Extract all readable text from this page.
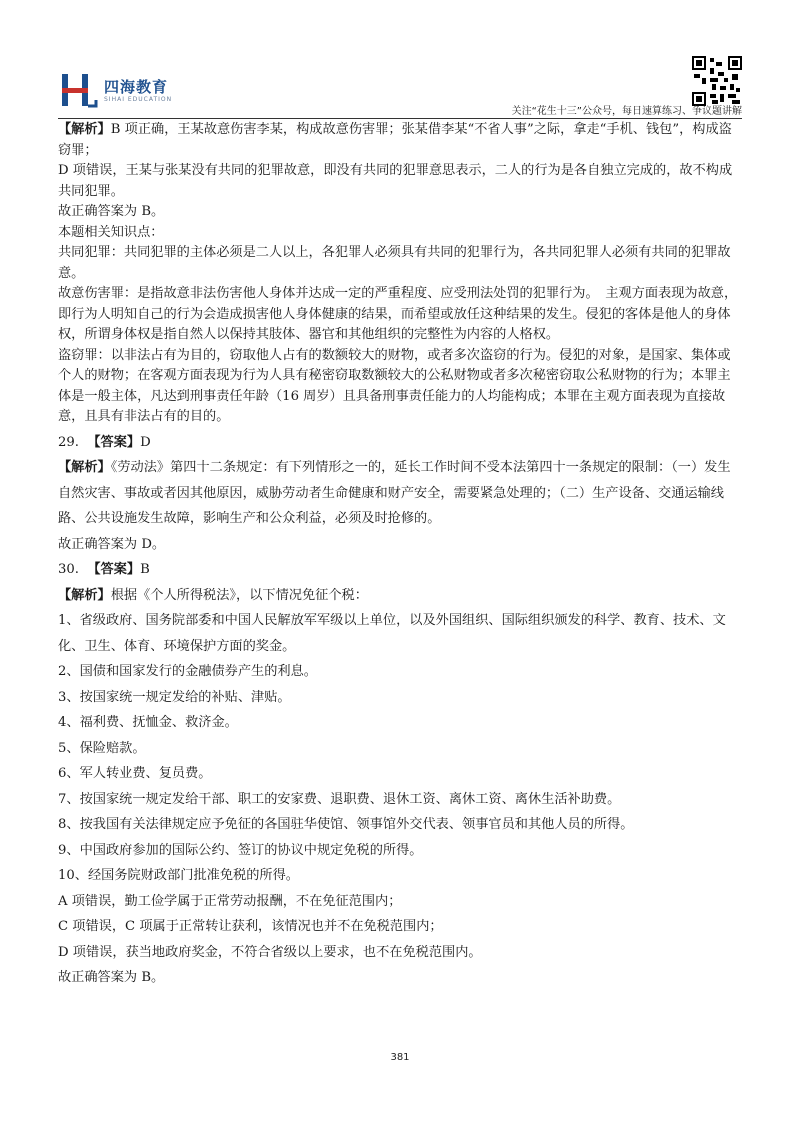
四海教育
SIHAI EDUCATION
关注“花生十三”公众号，每日速算练习、争议题讲解

【解析】B 项正确，王某故意伤害李某，构成故意伤害罪；张某借李某“不省人事”之际，拿走“手机、钱包”，构成盗窃罪；

D 项错误，王某与张某没有共同的犯罪故意，即没有共同的犯罪意思表示，二人的行为是各自独立完成的，故不构成共同犯罪。

故正确答案为 B。

本题相关知识点：

共同犯罪：共同犯罪的主体必须是二人以上，各犯罪人必须具有共同的犯罪行为，各共同犯罪人必须有共同的犯罪故意。

故意伤害罪：是指故意非法伤害他人身体并达成一定的严重程度、应受刑法处罚的犯罪行为。　主观方面表现为故意，即行为人明知自己的行为会造成损害他人身体健康的结果，而希望或放任这种结果的发生。侵犯的客体是他人的身体权，所谓身体权是指自然人以保持其肢体、器官和其他组织的完整性为内容的人格权。

盗窃罪：以非法占有为目的，窃取他人占有的数额较大的财物，或者多次盗窃的行为。侵犯的对象，是国家、集体或个人的财物；在客观方面表现为行为人具有秘密窃取数额较大的公私财物或者多次秘密窃取公私财物的行为；本罪主体是一般主体，凡达到刑事责任年龄（16 周岁）且具备刑事责任能力的人均能构成；本罪在主观方面表现为直接故意，且具有非法占有的目的。

29. 【答案】D

【解析】《劳动法》第四十二条规定：有下列情形之一的，延长工作时间不受本法第四十一条规定的限制：（一）发生自然灾害、事故或者因其他原因，威胁劳动者生命健康和财产安全，需要紧急处理的；（二）生产设备、交通运输线路、公共设施发生故障，影响生产和公众利益，必须及时抢修的。

故正确答案为 D。

30. 【答案】B

【解析】根据《个人所得税法》，以下情况免征个税：

1、省级政府、国务院部委和中国人民解放军军级以上单位，以及外国组织、国际组织颁发的科学、教育、技术、文化、卫生、体育、环境保护方面的奖金。

2、国债和国家发行的金融债券产生的利息。

3、按国家统一规定发给的补贴、津贴。

4、福利费、抚恤金、救济金。

5、保险赔款。

6、军人转业费、复员费。

7、按国家统一规定发给干部、职工的安家费、退职费、退休工资、离休工资、离休生活补助费。

8、按我国有关法律规定应予免征的各国驻华使馆、领事馆外交代表、领事官员和其他人员的所得。

9、中国政府参加的国际公约、签订的协议中规定免税的所得。

10、经国务院财政部门批准免税的所得。

A 项错误，勤工俭学属于正常劳动报酬，不在免征范围内；

C 项错误，C 项属于正常转让获利，该情况也并不在免税范围内；

D 项错误，获当地政府奖金，不符合省级以上要求，也不在免税范围内。

故正确答案为 B。

381
